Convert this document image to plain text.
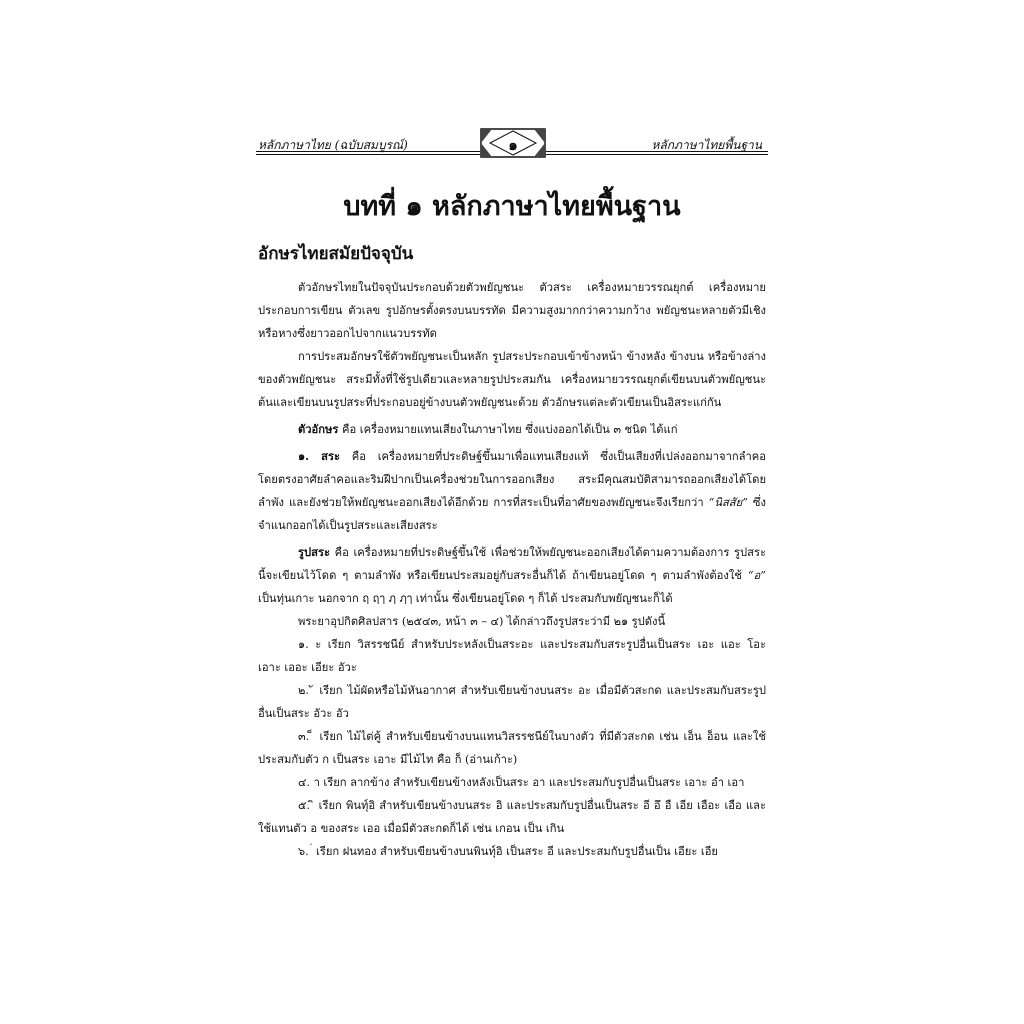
หลักภาษาไทย (ฉบับสมบูรณ์)	หลักภาษาไทยพื้นฐาน
๑
บทที่ ๑ หลักภาษาไทยพื้นฐาน
อักษรไทยสมัยปัจจุบัน

ตัวอักษรไทยในปัจจุบันประกอบด้วยตัวพยัญชนะ ตัวสระ เครื่องหมายวรรณยุกต์ เครื่องหมายประกอบการเขียน ตัวเลข รูปอักษรตั้งตรงบนบรรทัด มีความสูงมากกว่าความกว้าง พยัญชนะหลายตัวมีเชิงหรือหางซึ่งยาวออกไปจากแนวบรรทัด

การประสมอักษรใช้ตัวพยัญชนะเป็นหลัก รูปสระประกอบเข้าข้างหน้า ข้างหลัง ข้างบน หรือข้างล่างของตัวพยัญชนะ สระมีทั้งที่ใช้รูปเดียวและหลายรูปประสมกัน เครื่องหมายวรรณยุกต์เขียนบนตัวพยัญชนะต้นและเขียนบนรูปสระที่ประกอบอยู่ข้างบนตัวพยัญชนะด้วย ตัวอักษรแต่ละตัวเขียนเป็นอิสระแก่กัน

ตัวอักษร คือ เครื่องหมายแทนเสียงในภาษาไทย ซึ่งแบ่งออกได้เป็น ๓ ชนิด ได้แก่

๑. สระ คือ เครื่องหมายที่ประดิษฐ์ขึ้นมาเพื่อแทนเสียงแท้ ซึ่งเป็นเสียงที่เปล่งออกมาจากลำคอโดยตรงอาศัยลำคอและริมฝีปากเป็นเครื่องช่วยในการออกเสียง สระมีคุณสมบัติสามารถออกเสียงได้โดยลำพัง และยังช่วยให้พยัญชนะออกเสียงได้อีกด้วย การที่สระเป็นที่อาศัยของพยัญชนะจึงเรียกว่า “นิสสัย” ซึ่งจำแนกออกได้เป็นรูปสระและเสียงสระ

รูปสระ คือ เครื่องหมายที่ประดิษฐ์ขึ้นใช้ เพื่อช่วยให้พยัญชนะออกเสียงได้ตามความต้องการ รูปสระนี้จะเขียนไว้โดด ๆ ตามลำพัง หรือเขียนประสมอยู่กับสระอื่นก็ได้ ถ้าเขียนอยู่โดด ๆ ตามลำพังต้องใช้ “อ” เป็นทุ่นเกาะ นอกจาก ฤ ฤๅ ฦ ฦๅ เท่านั้น ซึ่งเขียนอยู่โดด ๆ ก็ได้ ประสมกับพยัญชนะก็ได้

พระยาอุปกิตศิลปสาร (๒๕๔๓, หน้า ๓ – ๔) ได้กล่าวถึงรูปสระว่ามี ๒๑ รูปดังนี้

๑. ะ เรียก วิสรรชนีย์ สำหรับประหลังเป็นสระอะ และประสมกับสระรูปอื่นเป็นสระ เอะ แอะ โอะ เอาะ เออะ เอียะ อัวะ

๒. ั เรียก ไม้ผัดหรือไม้หันอากาศ สำหรับเขียนข้างบนสระ อะ เมื่อมีตัวสะกด และประสมกับสระรูปอื่นเป็นสระ อัวะ อัว

๓. ็ เรียก ไม้ไต่คู้ สำหรับเขียนข้างบนแทนวิสรรชนีย์ในบางตัว ที่มีตัวสะกด เช่น เอ็น อ็อน และใช้ประสมกับตัว ก เป็นสระ เอาะ มีไม้ไท คือ ก็ (อ่านเก้าะ)

๔. า เรียก ลากข้าง สำหรับเขียนข้างหลังเป็นสระ อา และประสมกับรูปอื่นเป็นสระ เอาะ อำ เอา

๕. ิ เรียก พินทุ์อิ สำหรับเขียนข้างบนสระ อิ และประสมกับรูปอื่นเป็นสระ อี อึ อื เอีย เอือะ เอือ และใช้แทนตัว อ ของสระ เออ เมื่อมีตัวสะกดก็ได้ เช่น เกอน เป็น เกิน

๖. ่ เรียก ฝนทอง สำหรับเขียนข้างบนพินทุ์อิ เป็นสระ อี และประสมกับรูปอื่นเป็น เอียะ เอีย
